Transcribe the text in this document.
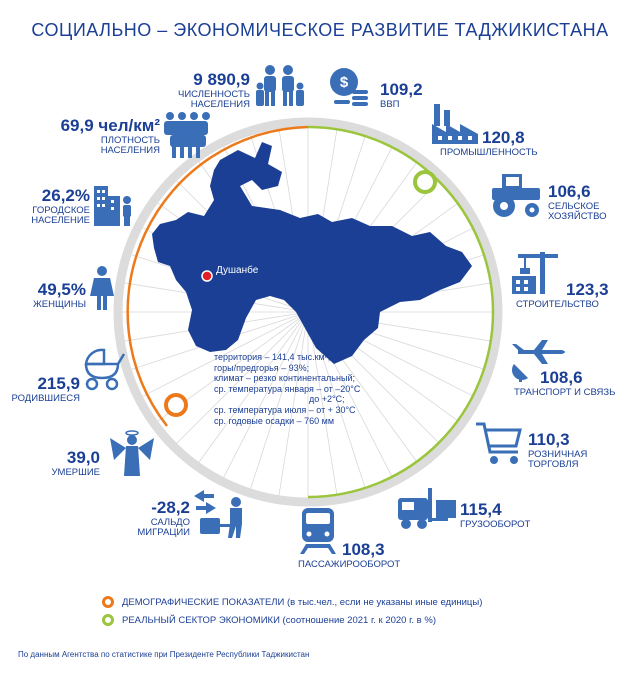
СОЦИАЛЬНО – ЭКОНОМИЧЕСКОЕ РАЗВИТИЕ ТАДЖИКИСТАНА
Душанбе
территория – 141,4 тыс.км²;
горы/предгорья – 93%;
климат – резко континентальный;
ср. температура января – от –20°С
до +2°С;
ср. температура июля – от + 30°С
ср. годовые осадки – 760 мм
9 890,9
ЧИСЛЕННОСТЬ НАСЕЛЕНИЯ
69,9 чел/км²
ПЛОТНОСТЬ НАСЕЛЕНИЯ
26,2%
ГОРОДСКОЕ НАСЕЛЕНИЕ
49,5%
ЖЕНЩИНЫ
215,9
РОДИВШИЕСЯ
39,0
УМЕРШИЕ
-28,2
САЛЬДО МИГРАЦИИ
$ 109,2
ВВП
120,8
ПРОМЫШЛЕННОСТЬ
106,6
СЕЛЬСКОЕ ХОЗЯЙСТВО
123,3
СТРОИТЕЛЬСТВО
108,6
ТРАНСПОРТ И СВЯЗЬ
110,3
РОЗНИЧНАЯ ТОРГОВЛЯ
115,4
ГРУЗООБОРОТ
108,3
ПАССАЖИРООБОРОТ
ДЕМОГРАФИЧЕСКИЕ ПОКАЗАТЕЛИ (в тыс.чел., если не указаны иные единицы)
РЕАЛЬНЫЙ СЕКТОР ЭКОНОМИКИ (соотношение 2021 г. к 2020 г. в %)
По данным Агентства по статистике при Президенте Республики Таджикистан
